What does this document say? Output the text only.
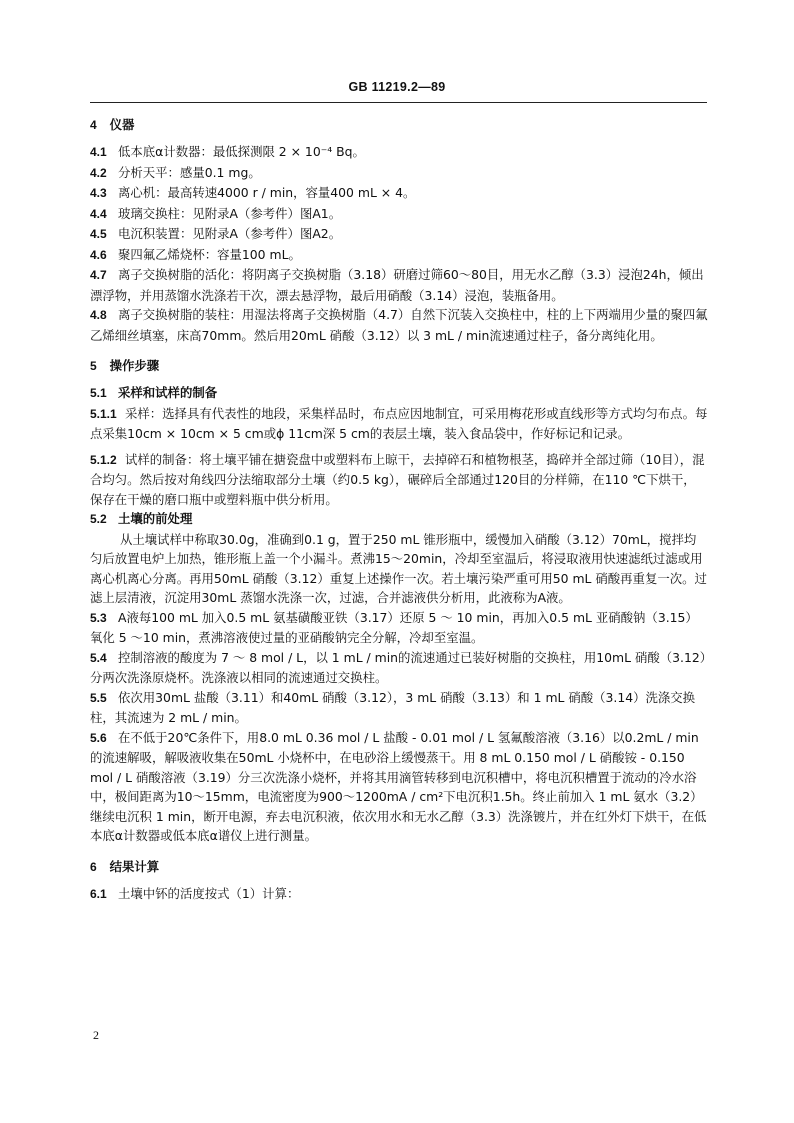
GB 11219.2—89

4 仪器

4.1 低本底α计数器：最低探测限 2 × 10⁻⁴ Bq。

4.2 分析天平：感量0.1 mg。

4.3 离心机：最高转速4000 r / min，容量400 mL × 4。

4.4 玻璃交换柱：见附录A（参考件）图A1。

4.5 电沉积装置：见附录A（参考件）图A2。

4.6 聚四氟乙烯烧杯：容量100 mL。

4.7 离子交换树脂的活化：将阴离子交换树脂（3.18）研磨过筛60～80目，用无水乙醇（3.3）浸泡24h，倾出漂浮物，并用蒸馏水洗涤若干次，漂去悬浮物，最后用硝酸（3.14）浸泡，装瓶备用。

4.8 离子交换树脂的装柱：用湿法将离子交换树脂（4.7）自然下沉装入交换柱中，柱的上下两端用少量的聚四氟乙烯细丝填塞，床高70mm。然后用20mL 硝酸（3.12）以 3 mL / min流速通过柱子，备分离纯化用。

5 操作步骤

5.1 采样和试样的制备

5.1.1 采样：选择具有代表性的地段，采集样品时，布点应因地制宜，可采用梅花形或直线形等方式均匀布点。每点采集10cm × 10cm × 5 cm或ϕ 11cm深 5 cm的表层土壤，装入食品袋中，作好标记和记录。

5.1.2 试样的制备：将土壤平铺在搪瓷盘中或塑料布上晾干，去掉碎石和植物根茎，捣碎并全部过筛（10目），混合均匀。然后按对角线四分法缩取部分土壤（约0.5 kg），碾碎后全部通过120目的分样筛，在110 ℃下烘干，保存在干燥的磨口瓶中或塑料瓶中供分析用。

5.2 土壤的前处理

从土壤试样中称取30.0g，准确到0.1 g，置于250 mL 锥形瓶中，缓慢加入硝酸（3.12）70mL，搅拌均匀后放置电炉上加热，锥形瓶上盖一个小漏斗。煮沸15～20min，冷却至室温后，将浸取液用快速滤纸过滤或用离心机离心分离。再用50mL 硝酸（3.12）重复上述操作一次。若土壤污染严重可用50 mL 硝酸再重复一次。过滤上层清液，沉淀用30mL 蒸馏水洗涤一次，过滤，合并滤液供分析用，此液称为A液。

5.3 A液每100 mL 加入0.5 mL 氨基磺酸亚铁（3.17）还原 5 ～ 10 min，再加入0.5 mL 亚硝酸钠（3.15）氧化 5 ～10 min，煮沸溶液使过量的亚硝酸钠完全分解，冷却至室温。

5.4 控制溶液的酸度为 7 ～ 8 mol / L，以 1 mL / min的流速通过已装好树脂的交换柱，用10mL 硝酸（3.12）分两次洗涤原烧杯。洗涤液以相同的流速通过交换柱。

5.5 依次用30mL 盐酸（3.11）和40mL 硝酸（3.12），3 mL 硝酸（3.13）和 1 mL 硝酸（3.14）洗涤交换柱，其流速为 2 mL / min。

5.6 在不低于20℃条件下，用8.0 mL 0.36 mol / L 盐酸 - 0.01 mol / L 氢氟酸溶液（3.16）以0.2mL / min的流速解吸，解吸液收集在50mL 小烧杯中，在电砂浴上缓慢蒸干。用 8 mL 0.150 mol / L 硝酸铵 - 0.150 mol / L 硝酸溶液（3.19）分三次洗涤小烧杯，并将其用滴管转移到电沉积槽中，将电沉积槽置于流动的冷水浴中，极间距离为10～15mm，电流密度为900～1200mA / cm²下电沉积1.5h。终止前加入 1 mL 氨水（3.2）继续电沉积 1 min，断开电源，弃去电沉积液，依次用水和无水乙醇（3.3）洗涤镀片，并在红外灯下烘干，在低本底α计数器或低本底α谱仪上进行测量。

6 结果计算

6.1 土壤中钚的活度按式（1）计算：

2
